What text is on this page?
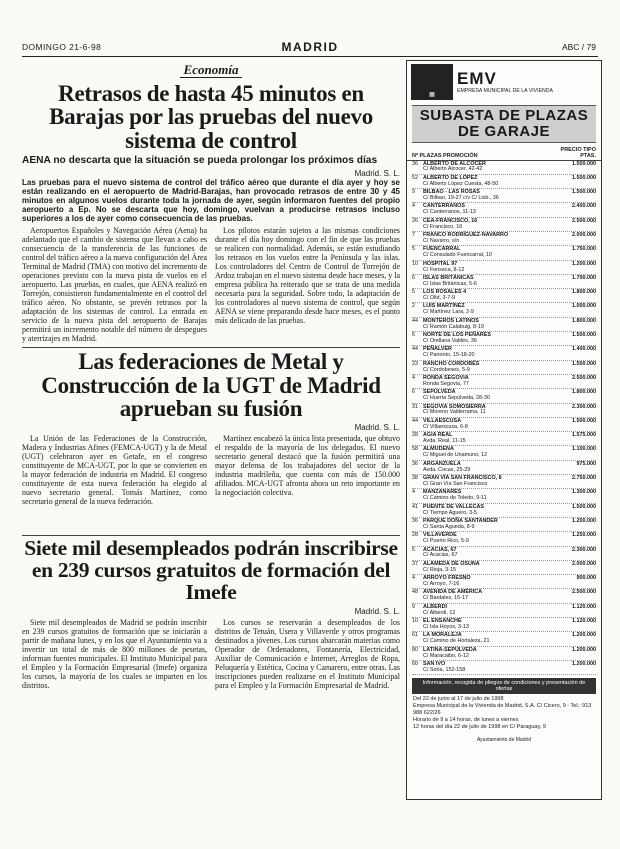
DOMINGO 21-6-98	MADRID	ABC / 79
Economía
Retrasos de hasta 45 minutos en Barajas por las pruebas del nuevo sistema de control
AENA no descarta que la situación se pueda prolongar los próximos días
Madrid. S. L.
Las pruebas para el nuevo sistema de control del tráfico aéreo que durante el día ayer y hoy se están realizando en el aeropuerto de Madrid-Barajas, han provocado retrasos de entre 30 y 45 minutos en algunos vuelos durante toda la jornada de ayer, según informaron fuentes del propio aeropuerto a Ep. No se descarta que hoy, domingo, vuelvan a producirse retrasos incluso superiores a los de ayer como consecuencia de las pruebas.

Aeropuertos Españoles y Navegación Aérea (Aena) ha adelantado que el cambio de sistema que llevan a cabo es consecuencia de la transferencia de las funciones de control del tráfico aéreo a la nueva configuración del Área Terminal de Madrid (TMA) con motivo del incremento de operaciones previsto con la nueva pista de vuelos en el aeropuerto. Las pruebas, en cuales, que AENA realizó en Torrejón, consistieron fundamentalmente en el control del tráfico aéreo. No obstante, se prevén retrasos por la adaptación de los sistemas de control. La entrada en servicio de la nueva pista del aeropuerto de Barajas permitirá un incremento notable del número de despegues y aterrizajes en Madrid.

Los pilotos estarán sujetos a las mismas condiciones durante el día hoy domingo con el fin de que las pruebas se realicen con normalidad. Además, se están estudiando los retrasos en los vuelos entre la Península y las islas. Los controladores del Centro de Control de Torrejón de Ardoz trabajan en el nuevo sistema desde hace meses, y la empresa pública ha reiterado que se trata de una medida necesaria para la seguridad. Sobre todo, la adaptación de los controladores al nuevo sistema de control, que según AENA se viene preparando desde hace meses, es el punto más delicado de las pruebas.

Las federaciones de Metal y Construcción de la UGT de Madrid aprueban su fusión
Madrid. S. L.

La Unión de las Federaciones de la Construcción, Madera y Industrias Afines (FEMCA-UGT) y la de Metal (UGT) celebraron ayer en Getafe, en el congreso constituyente de MCA-UGT, por lo que se convierten en la mayor federación de industria en Madrid. El congreso constituyente de esta nueva federación ha elegido al nuevo secretario general. Tomás Martínez, como secretario general de la nueva federación.

Martínez encabezó la única lista presentada, que obtuvo el respaldo de la mayoría de los delegados. El nuevo secretario general destacó que la fusión permitirá una mayor defensa de los trabajadores del sector de la industria madrileña, que cuenta con más de 150.000 afiliados. MCA-UGT afronta ahora un reto importante en la negociación colectiva.

Siete mil desempleados podrán inscribirse en 239 cursos gratuitos de formación del Imefe
Madrid. S. L.

Siete mil desempleados de Madrid se podrán inscribir en 239 cursos gratuitos de formación que se iniciarán a partir de mañana lunes, y en los que el Ayuntamiento va a invertir un total de más de 800 millones de pesetas, informan fuentes municipales. El Instituto Municipal para el Empleo y la Formación Empresarial (Imefe) organiza los cursos, la mayoría de los cuales se imparten en los distritos.

Los cursos se reservarán a desempleados de los distritos de Tetuán, Usera y Villaverde y otros programas destinados a jóvenes. Los cursos abarcarán materias como Operador de Ordenadores, Fontanería, Electricidad, Auxiliar de Comunicación e Internet, Arreglos de Ropa, Peluquería y Estética, Cocina y Camarero, entre otras. Las inscripciones pueden realizarse en el Instituto Municipal para el Empleo y la Formación Empresarial de Madrid.

▦
EMV
EMPRESA MUNICIPAL DE LA VIVIENDA
SUBASTA DE PLAZAS DE GARAJE
Nº PLAZAS PROMOCIÓN
PRECIO TIPO PTAS.
36 ALBERTO DE ALCOCER
C/ Alberto Alcocer, 42-42
1.500.000
52 ALBERTO DE LÓPEZ
C/ Alberto López Cuesta, 48-50
1.500.000
9	BILBAO - LAS ROSAS
C/ Bilbao, 19-27 c/v C/ Lisb., 36
1.500.000
4	CANTERRANOS
C/ Canterranos, 11-13
2.400.000
26 CEA-FRANCISCO, 16
C/ Francisco, 16
2.500.000
7	FRANCO RODRÍGUEZ-NAVARRO
C/ Navarro, s/n
2.000.000
5	FUENCARRAL
C/ Consulado Fuencarral, 10
1.750.000
10 HOSPITAL 97
C/ Fonseca, 8-12
1.200.000
6	ISLAS BRITÁNICAS
C/ Islas Británicas, 5-6
1.700.000
5	LOS ROSALES 4
C/ Olid, 3-7-9
1.800.000
2	LUIS MARTÍNEZ
C/ Martínez Lara, 2-9
1.000.000
44 MONTEROS LATINOS
C/ Ramón Calabuig, 8-19
1.800.000
6	NORTE DE LOS PEÑARES
C/ Orellana Valdés, 36
1.500.000
44 PEÑALVER
C/ Panonto, 15-18-20
1.400.000
23 RANCHO CORDOBÉS
C/ Cordobeses, 5-9
1.500.000
4	RONDA SEGOVIA
Ronda Segovia, 77
2.500.000
6	SEPÚLVEDA
C/ Huerta Sepúlveda, 28-30
1.800.000
31 SEGOVIA SOMOSIERRA
C/ Moreno Valderrama, 11
2.300.000
44 VILLAESCUSA
C/ Villaescusa, 6-8
1.500.000
28 AGIA REAL
Avda. Real, 11-15
1.575.000
58 ALMUDENA
C/ Miguel de Unamuno, 12
1.100.000
36 ARGANZUELA
Avda. Cocas, 25-29
975.000
38 GRAN VÍA SAN FRANCISCO, 8
C/ Gran Vía San Francisco
2.750.000
4	MANZANARES
C/ Camino de Toledo, 9-11
1.300.000
41 PUENTE DE VALLECAS
C/ Tiempo Aguero, 3-5
1.500.000
36 PARQUE DOÑA SANTANDER
C/ Santa Agueda, 8-9
1.200.000
28 VILLAVERDE
C/ Puerto Rico, 5-9
1.250.000
5	ACACIAS, 67
C/ Acacias, 67
2.300.000
37 ALAMEDA DE OSUNA
C/ Rioja, 3-15
2.000.000
4	ARROYO FRESNO
C/ Arroyo, 7-16
900.000
48 AVENIDA DE AMÉRICA
C/ Bardales, 15-17
2.500.000
9	ALBERDI
C/ Alberdi, 12
1.120.000
10 EL ENSANCHE
C/ Isla Hoyos, 3-13
1.120.000
61 LA MORALEJA
C/ Camino de Hortaleza, 21
1.200.000
80 LATINA-SEPÚLVEDA
C/ Maracaibo, 6-12
1.200.000
60 SAN IVO
C/ Soria, 152-158
1.200.000
Información, recogida de pliegos de condiciones y presentación de ofertas
Del 22 de junio al 17 de julio de 1998
Empresa Municipal de la Vivienda de Madrid, S.A. C/ Cicero, 9 - Tel.: 913 988 622/26
Horario de 9 a 14 horas, de lunes a viernes
12 horas del día 22 de julio de 1998 en C/ Paraguay, 9
Ayuntamiento de Madrid
